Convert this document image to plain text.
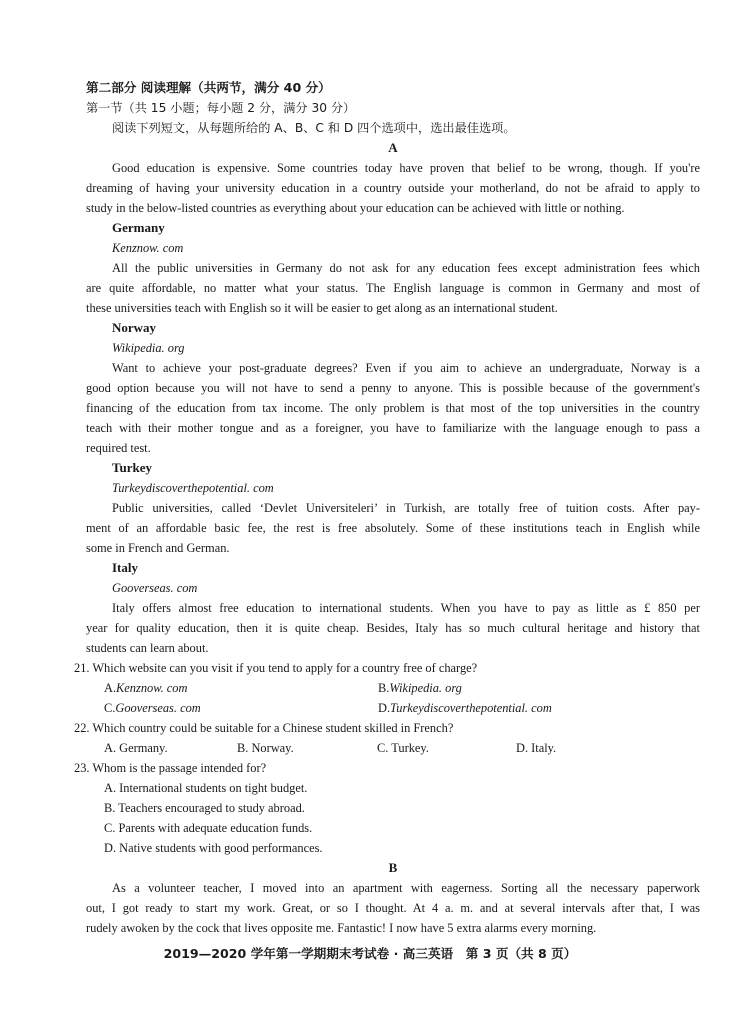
第二部分 阅读理解（共两节，满分 40 分）
第一节（共 15 小题；每小题 2 分，满分 30 分）
阅读下列短文，从每题所给的 A、B、C 和 D 四个选项中，选出最佳选项。
A
Good education is expensive. Some countries today have proven that belief to be wrong, though. If you're
dreaming of having your university education in a country outside your motherland, do not be afraid to apply to
study in the below-listed countries as everything about your education can be achieved with little or nothing.
Germany
Kenznow. com
All the public universities in Germany do not ask for any education fees except administration fees which
are quite affordable, no matter what your status. The English language is common in Germany and most of
these universities teach with English so it will be easier to get along as an international student.
Norway
Wikipedia. org
Want to achieve your post-graduate degrees? Even if you aim to achieve an undergraduate, Norway is a
good option because you will not have to send a penny to anyone. This is possible because of the government's
financing of the education from tax income. The only problem is that most of the top universities in the country
teach with their mother tongue and as a foreigner, you have to familiarize with the language enough to pass a
required test.
Turkey
Turkeydiscoverthepotential. com
Public universities, called ‘Devlet Universiteleri’ in Turkish, are totally free of tuition costs. After pay-
ment of an affordable basic fee, the rest is free absolutely. Some of these institutions teach in English while
some in French and German.
Italy
Gooverseas. com
Italy offers almost free education to international students. When you have to pay as little as £ 850 per
year for quality education, then it is quite cheap. Besides, Italy has so much cultural heritage and history that
students can learn about.
21. Which website can you visit if you tend to apply for a country free of charge?
A.Kenznow. com	B.Wikipedia. org
C.Gooverseas. com	D.Turkeydiscoverthepotential. com
22. Which country could be suitable for a Chinese student skilled in French?
A. Germany.	B. Norway.	C. Turkey.	D. Italy.
23. Whom is the passage intended for?
A. International students on tight budget.
B. Teachers encouraged to study abroad.
C. Parents with adequate education funds.
D. Native students with good performances.
B
As a volunteer teacher, I moved into an apartment with eagerness. Sorting all the necessary paperwork
out, I got ready to start my work. Great, or so I thought. At 4 a. m. and at several intervals after that, I was
rudely awoken by the cock that lives opposite me. Fantastic! I now have 5 extra alarms every morning.
2019—2020 学年第一学期期末考试卷 · 高三英语　第 3 页（共 8 页）
